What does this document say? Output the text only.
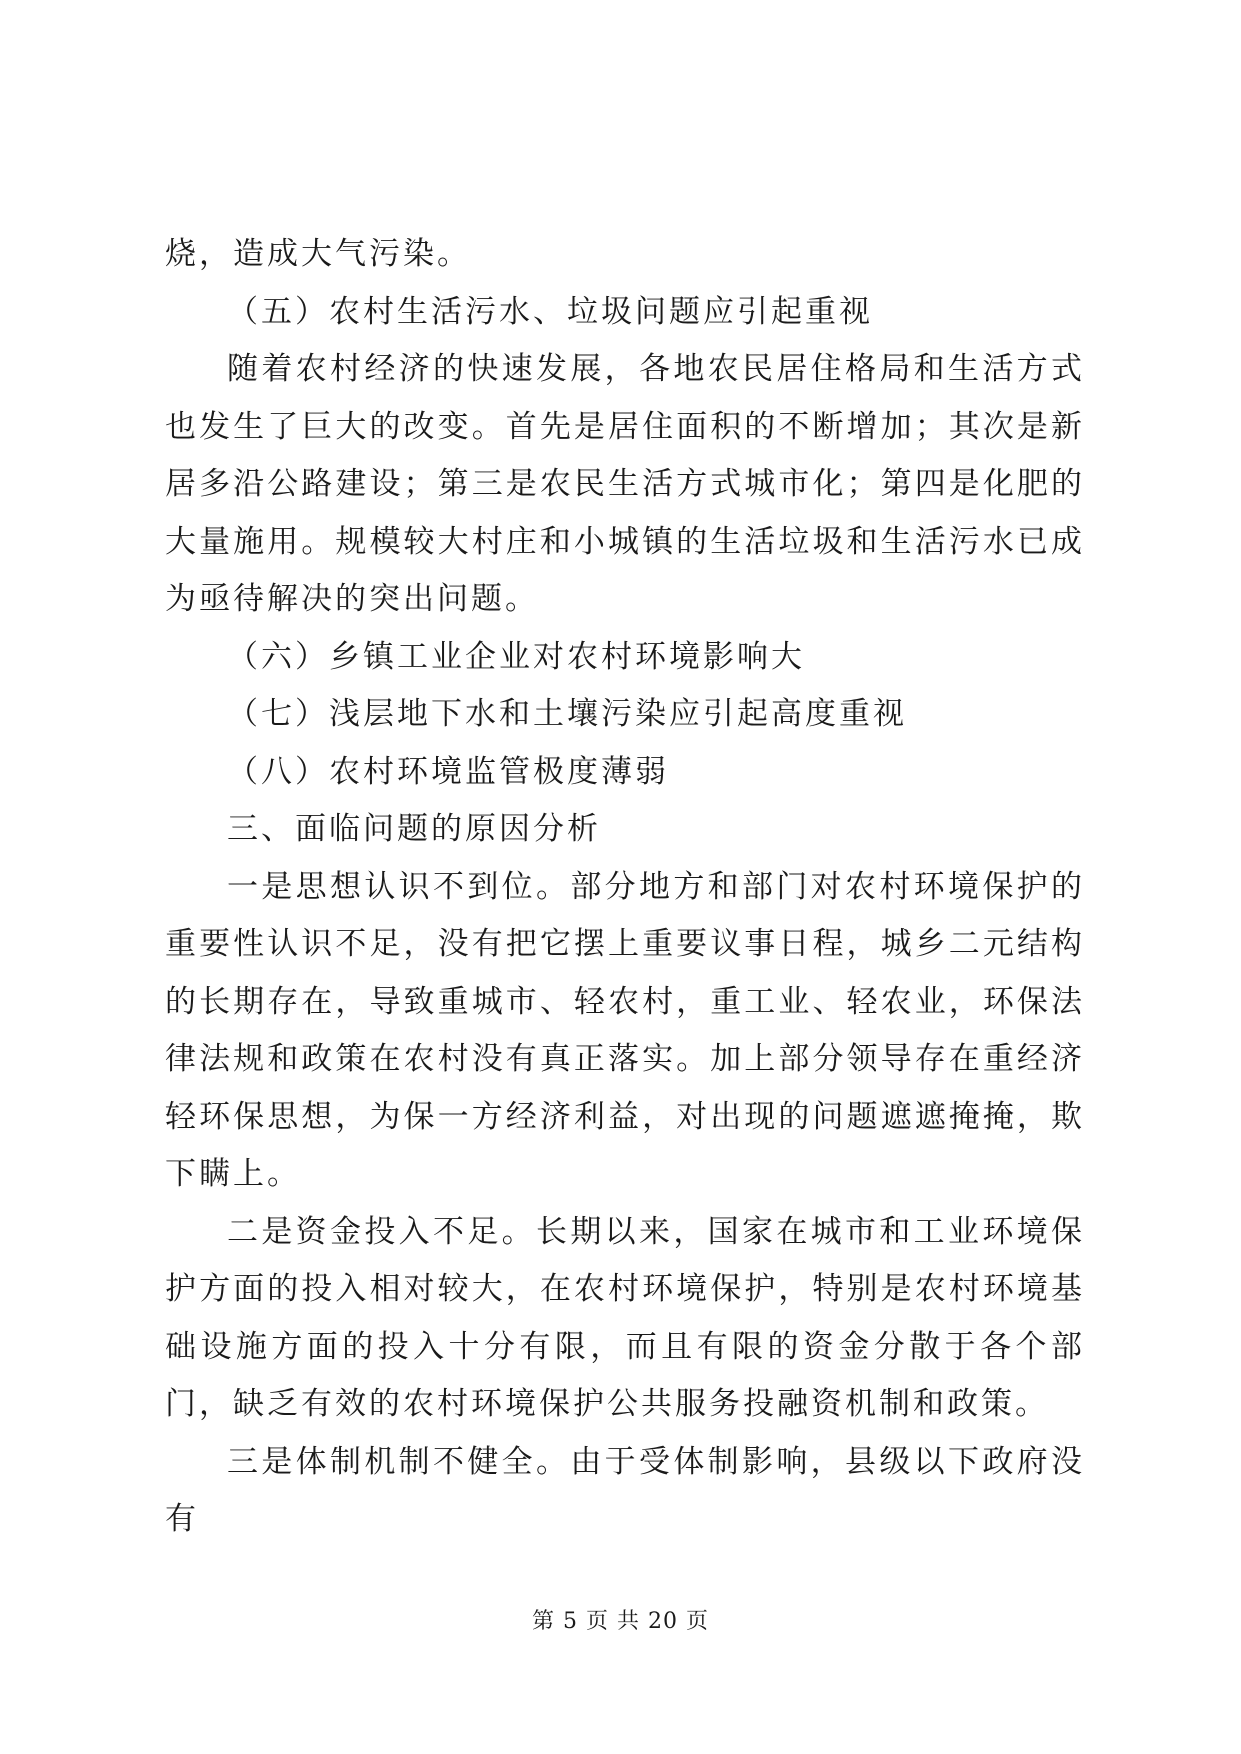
烧，造成大气污染。

（五）农村生活污水、垃圾问题应引起重视

随着农村经济的快速发展，各地农民居住格局和生活方式也发生了巨大的改变。首先是居住面积的不断增加；其次是新居多沿公路建设；第三是农民生活方式城市化；第四是化肥的大量施用。规模较大村庄和小城镇的生活垃圾和生活污水已成为亟待解决的突出问题。

（六）乡镇工业企业对农村环境影响大

（七）浅层地下水和土壤污染应引起高度重视

（八）农村环境监管极度薄弱

三、面临问题的原因分析

一是思想认识不到位。部分地方和部门对农村环境保护的重要性认识不足，没有把它摆上重要议事日程，城乡二元结构的长期存在，导致重城市、轻农村，重工业、轻农业，环保法律法规和政策在农村没有真正落实。加上部分领导存在重经济轻环保思想，为保一方经济利益，对出现的问题遮遮掩掩，欺下瞒上。

二是资金投入不足。长期以来，国家在城市和工业环境保护方面的投入相对较大，在农村环境保护，特别是农村环境基础设施方面的投入十分有限，而且有限的资金分散于各个部门，缺乏有效的农村环境保护公共服务投融资机制和政策。

三是体制机制不健全。由于受体制影响，县级以下政府没有

第 5 页 共 20 页
